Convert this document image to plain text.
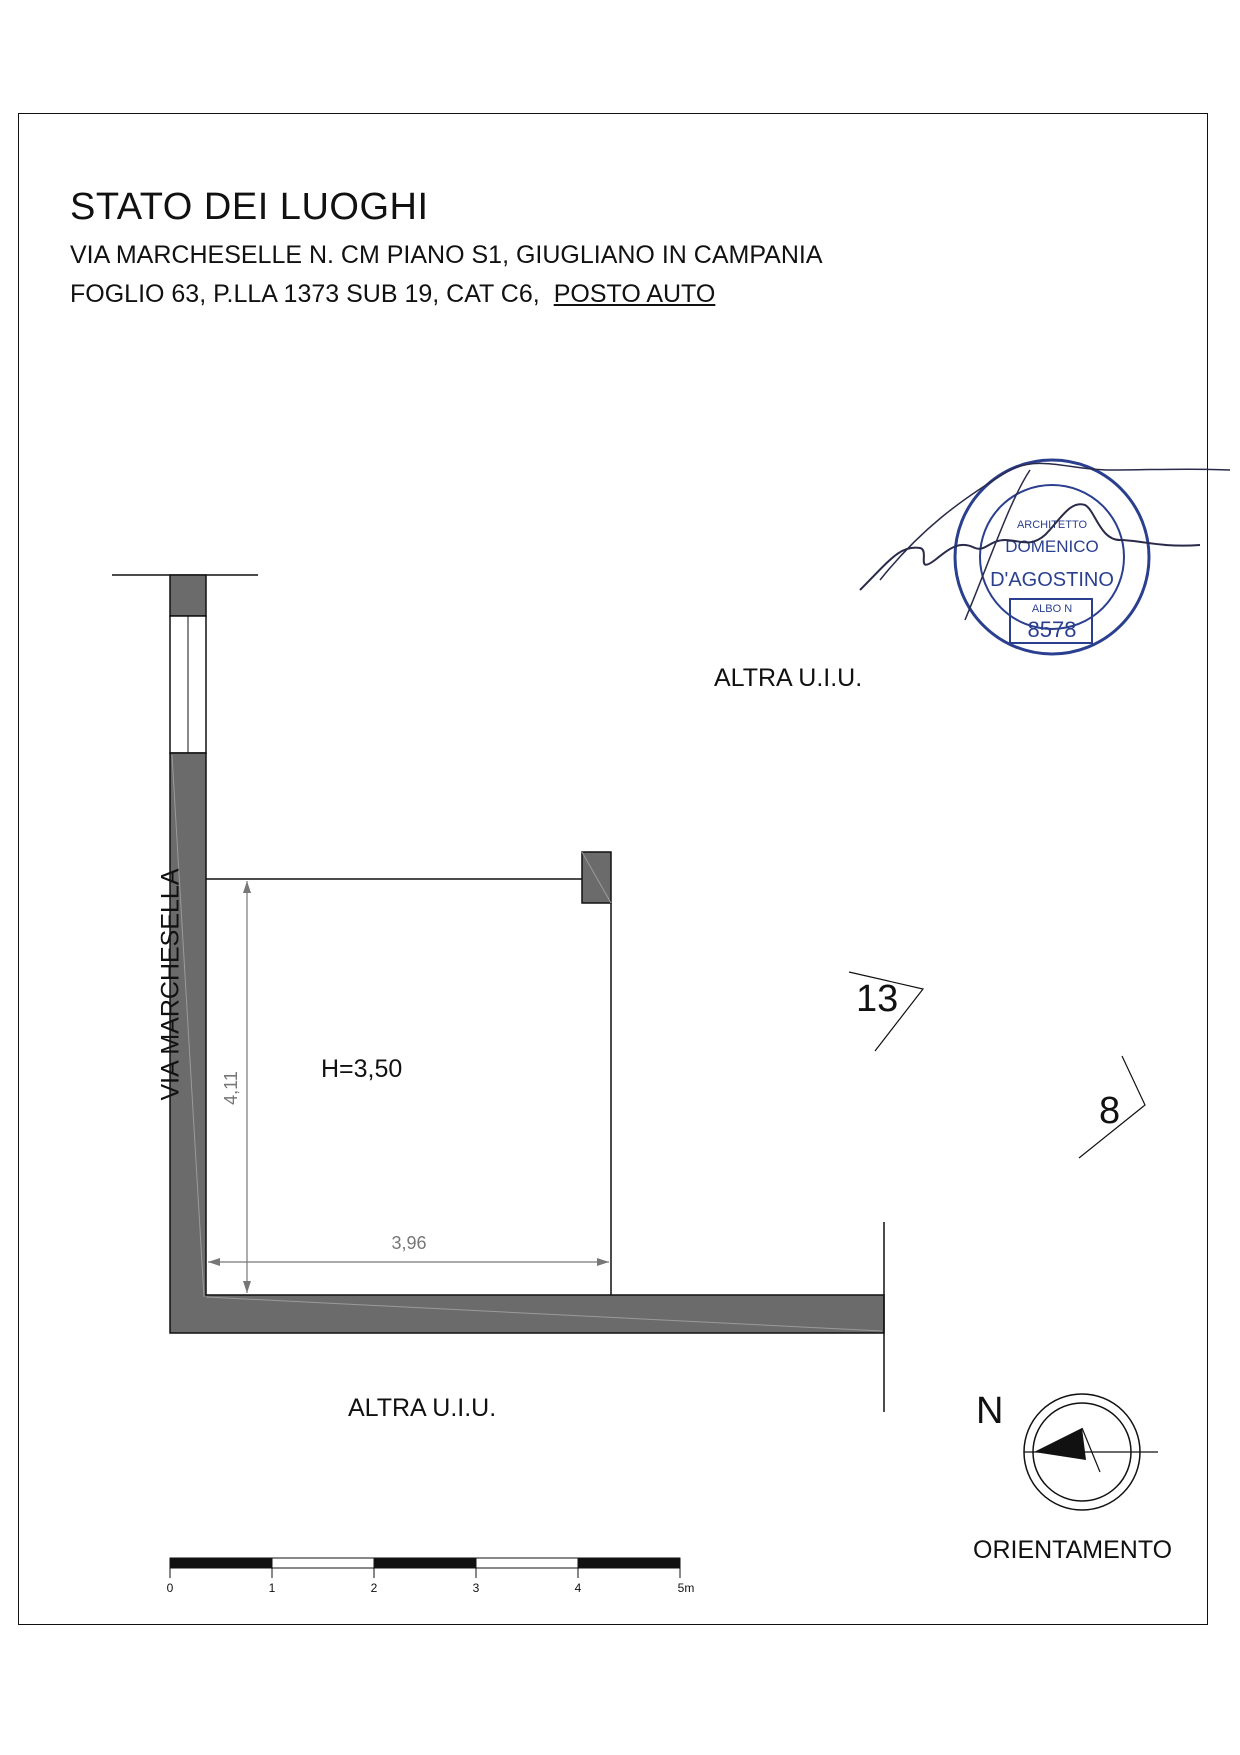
STATO DEI LUOGHI
VIA MARCHESELLE N. CM PIANO S1, GIUGLIANO IN CAMPANIA
FOGLIO 63, P.LLA 1373 SUB 19, CAT C6, POSTO AUTO
4,11
3,96
0	1	2	3	4	5m
ARCHITETTO
DOMENICO
D'AGOSTINO
ALBO N
8578
VIA MARCHESELLA
ALTRA U.I.U.
ALTRA U.I.U.
H=3,50
13
8
N
ORIENTAMENTO
